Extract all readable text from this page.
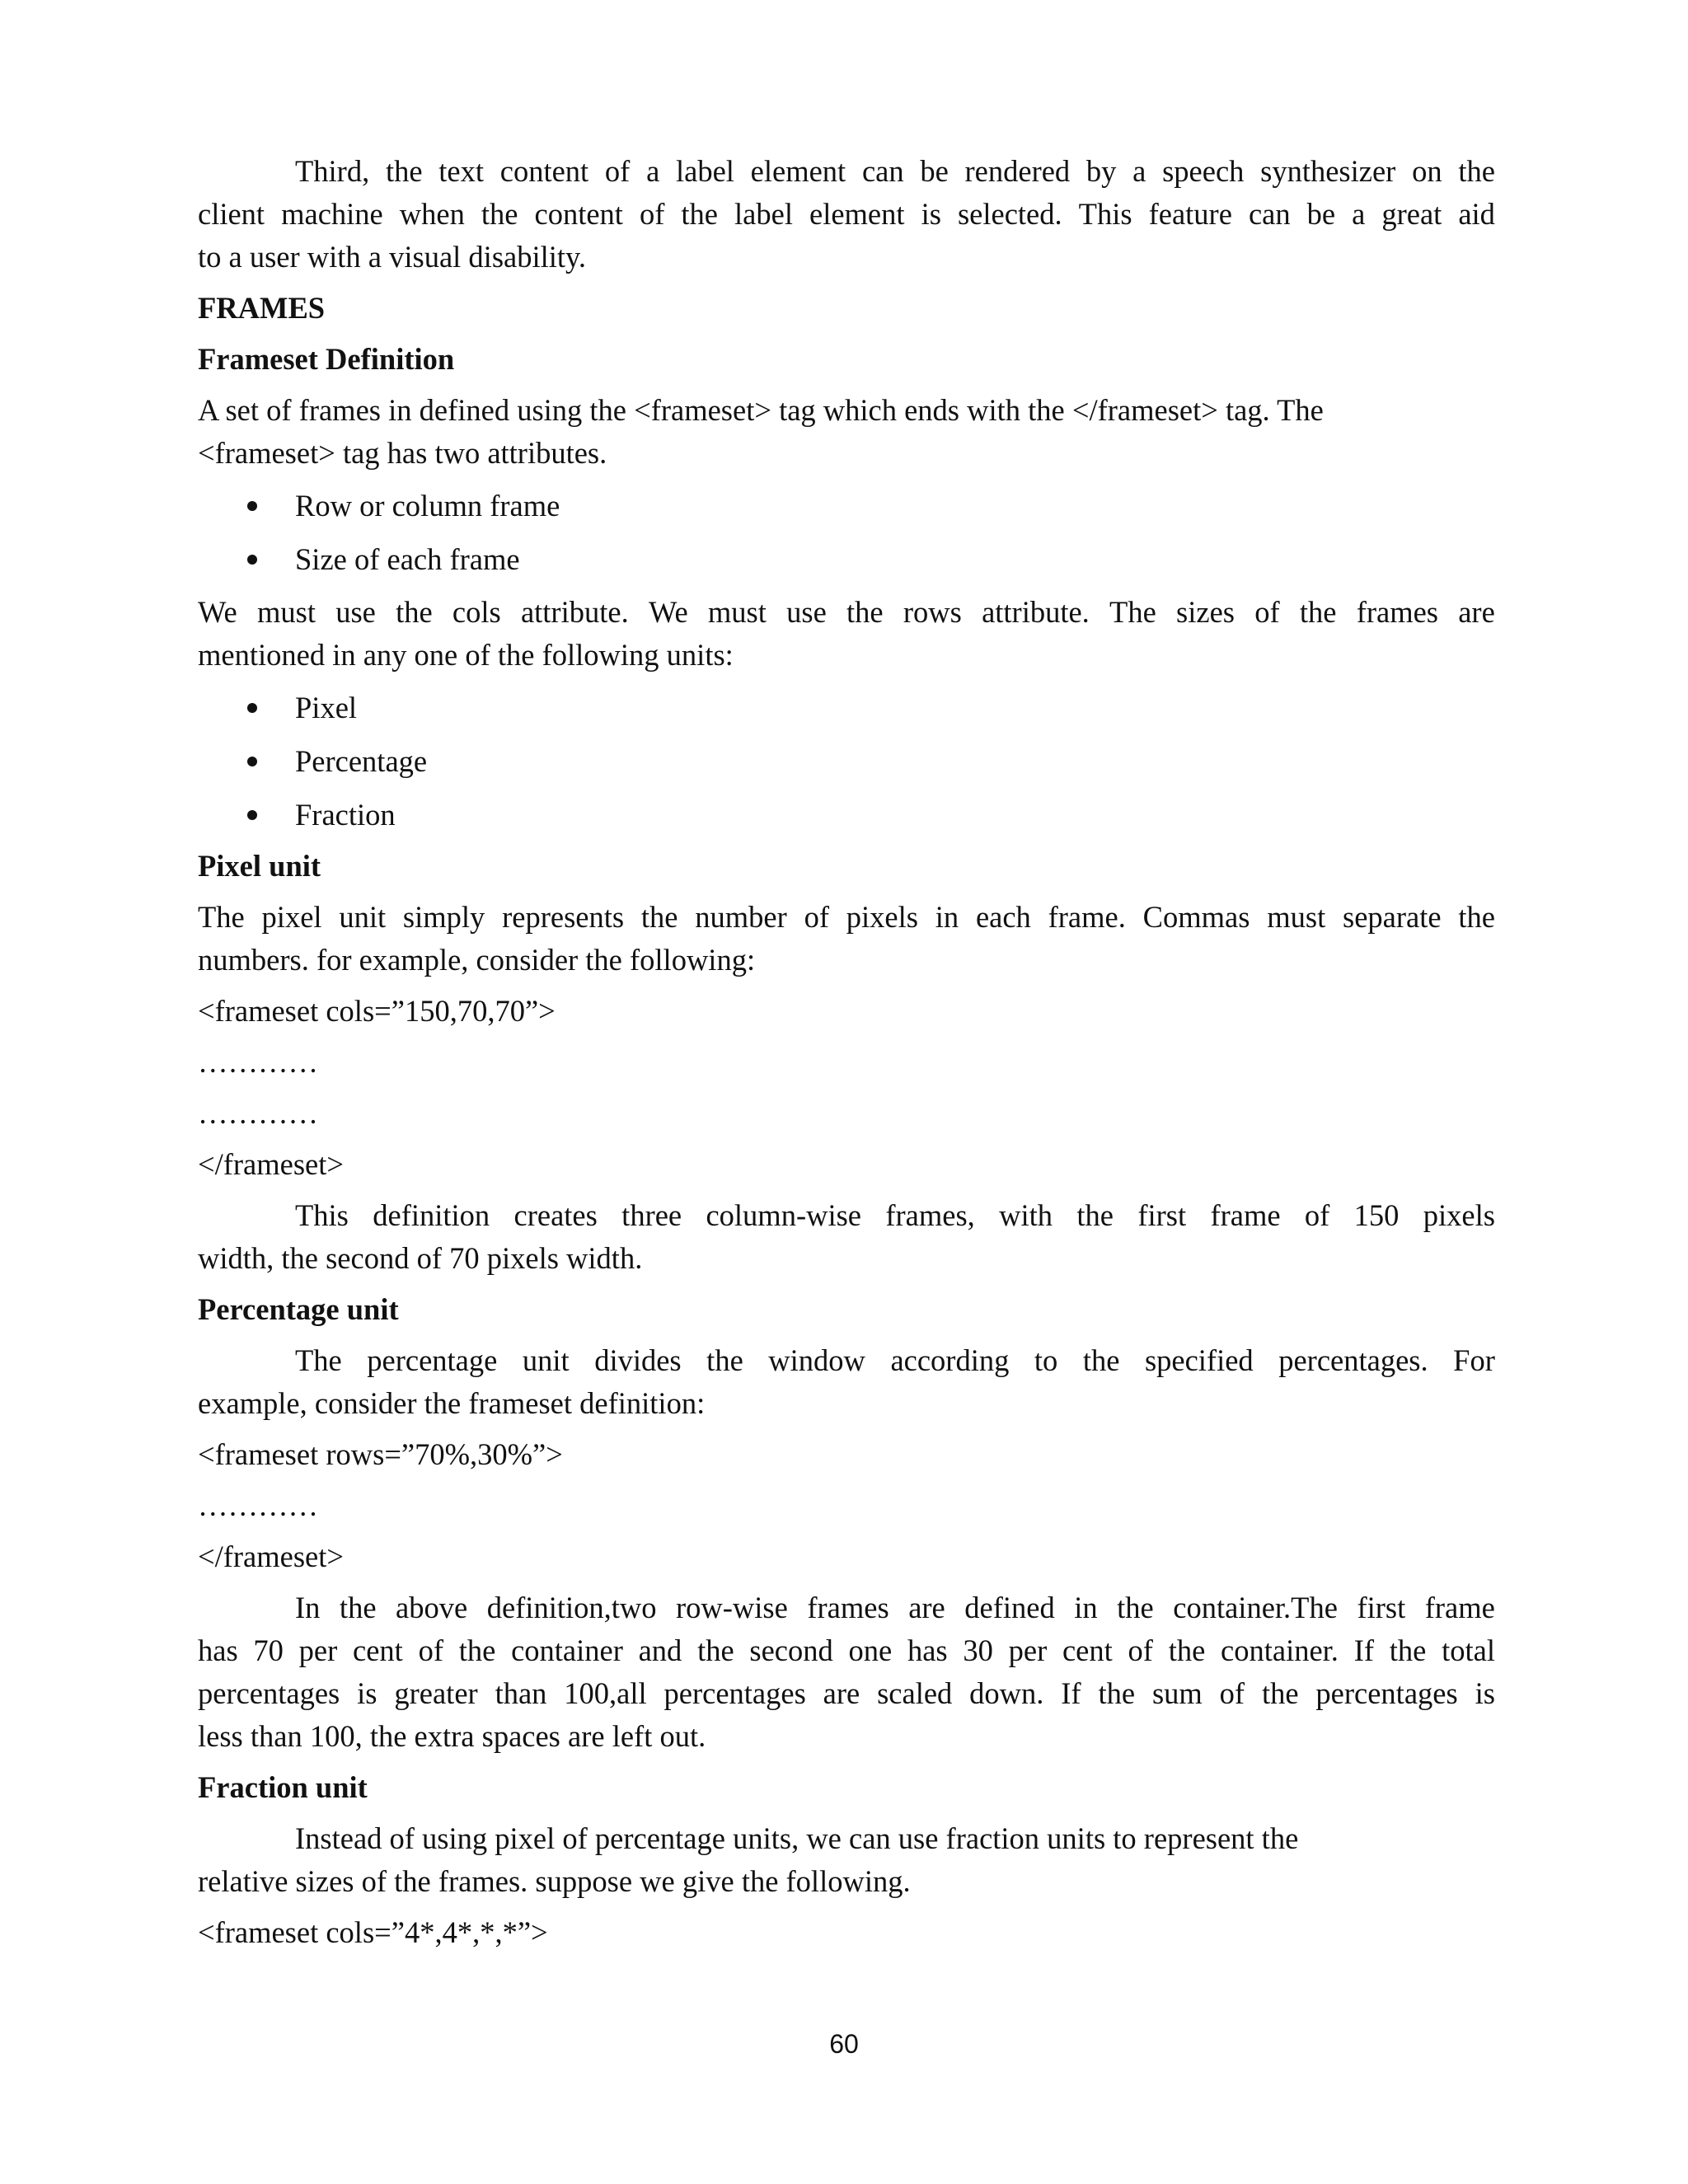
Third, the text content of a label element can be rendered by a speech synthesizer on the
client machine when the content of the label element is selected. This feature can be a great aid
to a user with a visual disability.
FRAMES
Frameset Definition
A set of frames in defined using the <frameset> tag which ends with the </frameset> tag. The
<frameset> tag has two attributes.
Row or column frame
Size of each frame
We must use the cols attribute. We must use the rows attribute. The sizes of the frames are
mentioned in any one of the following units:
Pixel
Percentage
Fraction
Pixel unit
The pixel unit simply represents the number of pixels in each frame. Commas must separate the
numbers. for example, consider the following:
<frameset cols=”150,70,70”>
…………
…………
</frameset>
This definition creates three column-wise frames, with the first frame of 150 pixels
width, the second of 70 pixels width.
Percentage unit
The percentage unit divides the window according to the specified percentages. For
example, consider the frameset definition:
<frameset rows=”70%,30%”>
…………
</frameset>
In the above definition,two row-wise frames are defined in the container.The first frame
has 70 per cent of the container and the second one has 30 per cent of the container. If the total
percentages is greater than 100,all percentages are scaled down. If the sum of the percentages is
less than 100, the extra spaces are left out.
Fraction unit
Instead of using pixel of percentage units, we can use fraction units to represent the
relative sizes of the frames. suppose we give the following.
<frameset cols=”4*,4*,*,*”>
60
